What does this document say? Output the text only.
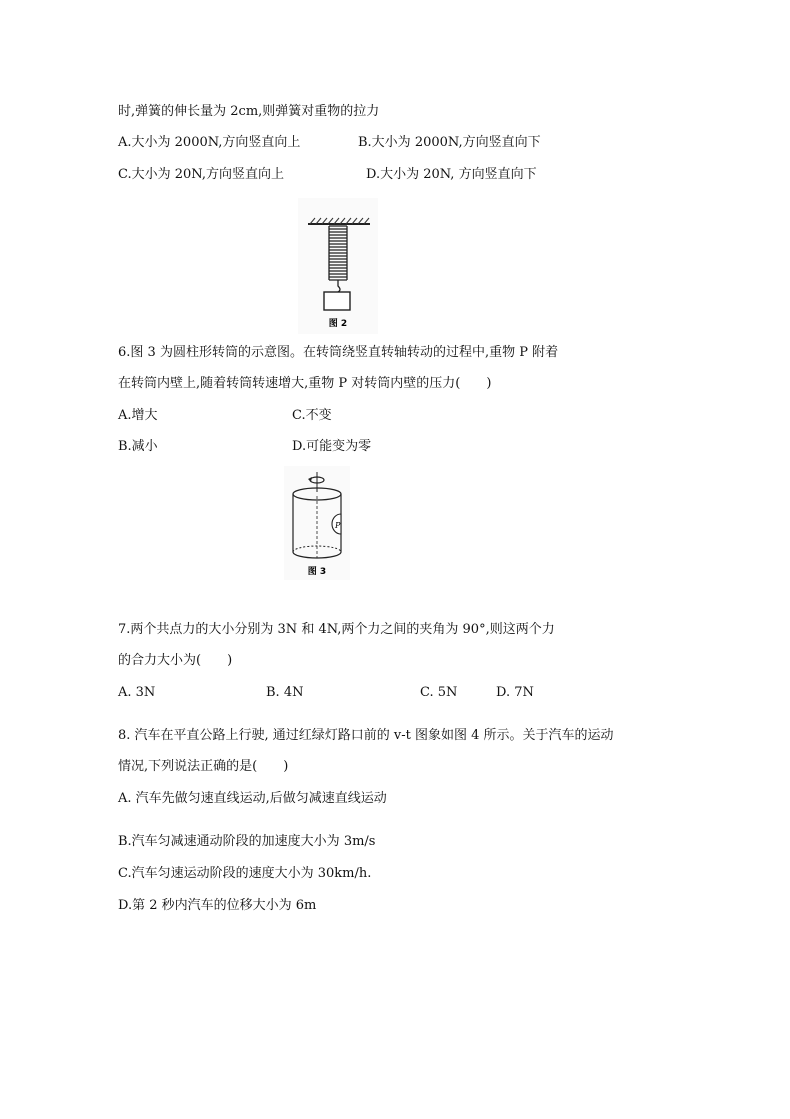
时,弹簧的伸长量为 2cm,则弹簧对重物的拉力
A.大小为 2000N,方向竖直向上	B.大小为 2000N,方向竖直向下
C.大小为 20N,方向竖直向上	D.大小为 20N, 方向竖直向下
图 2
6.图 3 为圆柱形转筒的示意图。在转筒绕竖直转轴转动的过程中,重物 P 附着
在转筒内壁上,随着转筒转速增大,重物 P 对转筒内壁的压力(　　)
A.增大	C.不变
B.减小	D.可能变为零
P
图 3
7.两个共点力的大小分别为 3N 和 4N,两个力之间的夹角为 90°,则这两个力
的合力大小为(　　)
A. 3N	B. 4N	C. 5N	D. 7N
8. 汽车在平直公路上行驶, 通过红绿灯路口前的 v-t 图象如图 4 所示。关于汽车的运动
情况,下列说法正确的是(　　)
A. 汽车先做匀速直线运动,后做匀减速直线运动
B.汽车匀减速通动阶段的加速度大小为 3m/s
C.汽车匀速运动阶段的速度大小为 30km/h.
D.第 2 秒内汽车的位移大小为 6m
